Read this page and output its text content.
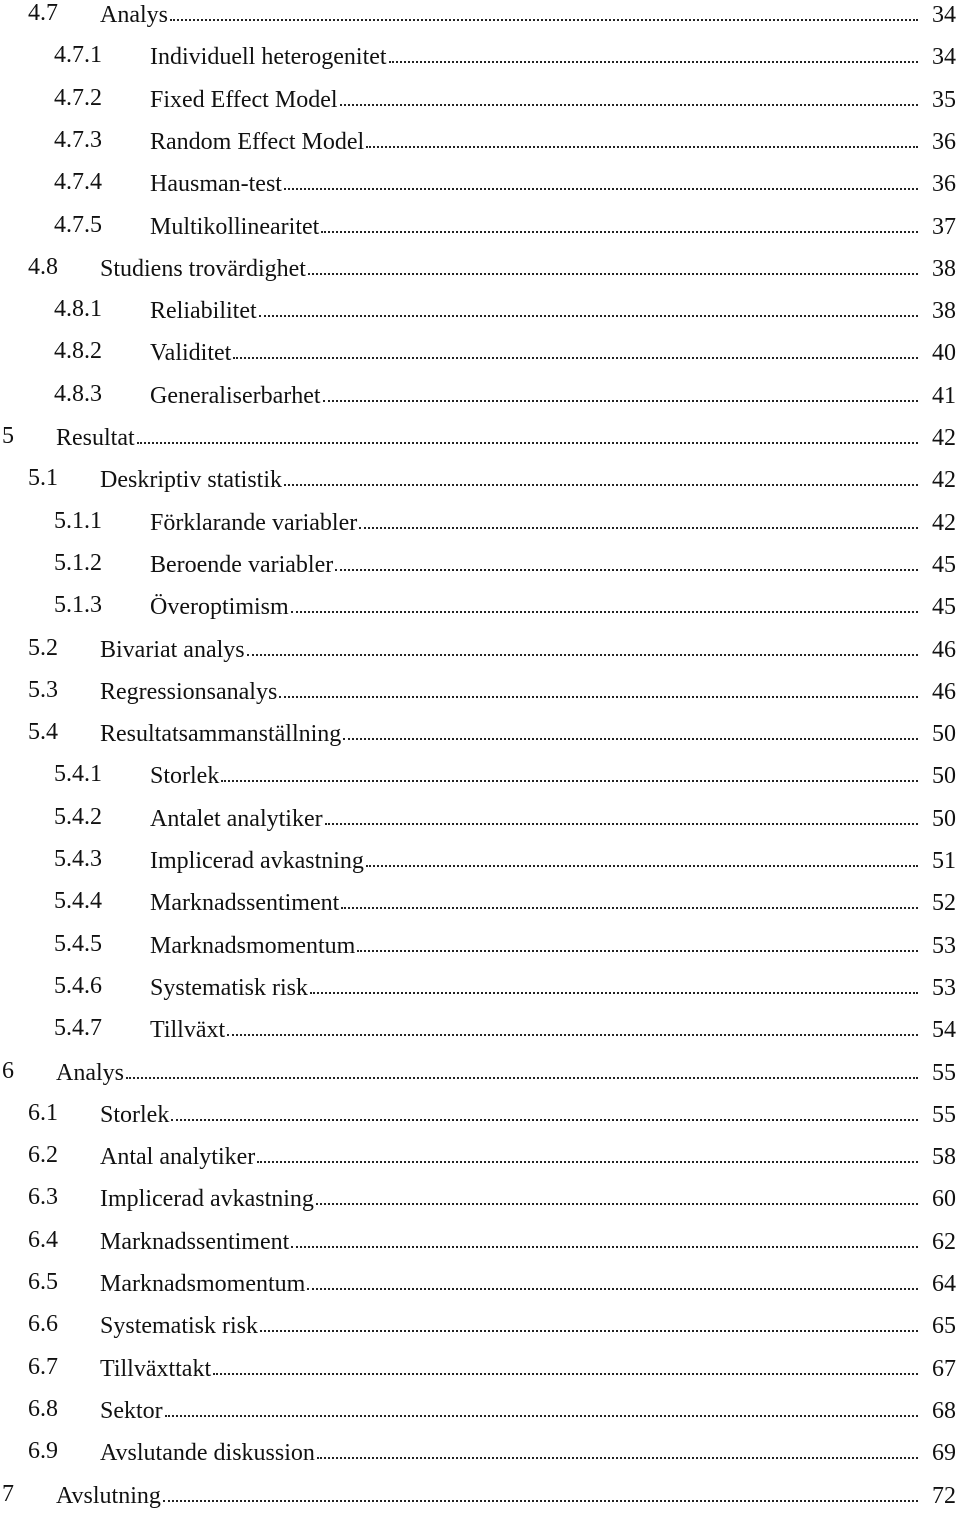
4.7 Analys	34
4.7.1 Individuell heterogenitet	34
4.7.2 Fixed Effect Model	35
4.7.3 Random Effect Model	36
4.7.4 Hausman-test	36
4.7.5 Multikollinearitet	37
4.8 Studiens trovärdighet	38
4.8.1 Reliabilitet	38
4.8.2 Validitet	40
4.8.3 Generaliserbarhet	41
5 Resultat	42
5.1 Deskriptiv statistik	42
5.1.1 Förklarande variabler	42
5.1.2 Beroende variabler	45
5.1.3 Överoptimism	45
5.2 Bivariat analys	46
5.3 Regressionsanalys	46
5.4 Resultatsammanställning	50
5.4.1 Storlek	50
5.4.2 Antalet analytiker	50
5.4.3 Implicerad avkastning	51
5.4.4 Marknadssentiment	52
5.4.5 Marknadsmomentum	53
5.4.6 Systematisk risk	53
5.4.7 Tillväxt	54
6 Analys	55
6.1 Storlek	55
6.2 Antal analytiker	58
6.3 Implicerad avkastning	60
6.4 Marknadssentiment	62
6.5 Marknadsmomentum	64
6.6 Systematisk risk	65
6.7 Tillväxttakt	67
6.8 Sektor	68
6.9 Avslutande diskussion	69
7 Avslutning	72
